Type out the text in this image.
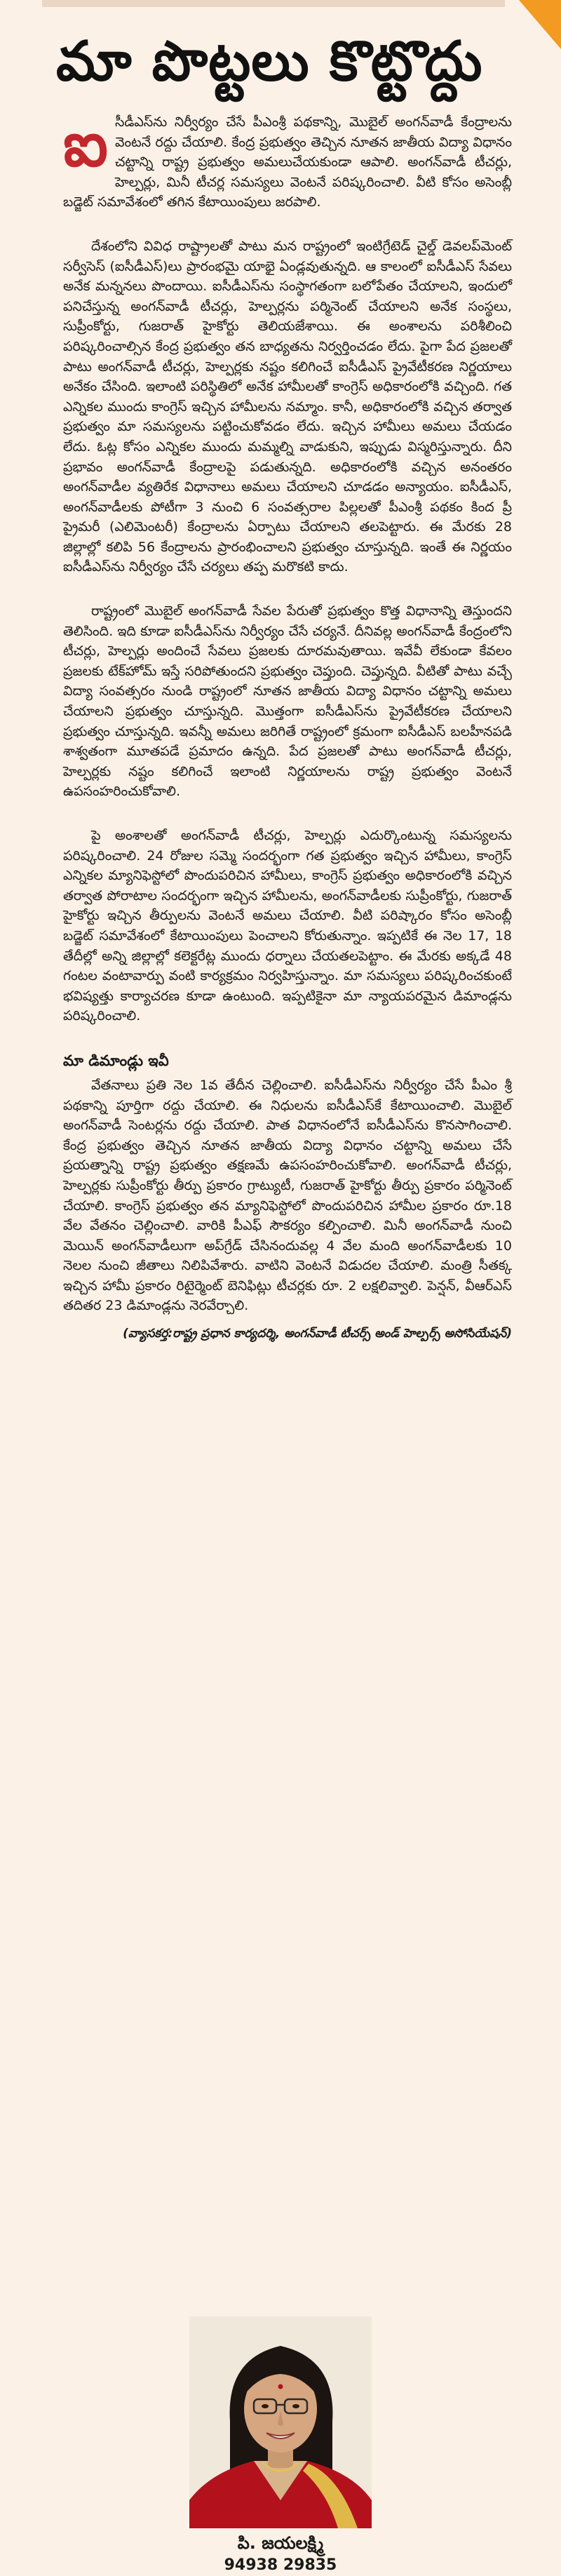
మా పొట్టలు కొట్టొద్దు

ఐసీడీఎస్‌ను నిర్వీర్యం చేసే పీఎంశ్రీ పథకాన్ని, మొబైల్‌ అంగన్‌వాడీ కేంద్రాలను వెంటనే రద్దు చేయాలి. కేంద్ర ప్రభుత్వం తెచ్చిన నూతన జాతీయ విద్యా విధానం చట్టాన్ని రాష్ట్ర ప్రభుత్వం అమలుచేయకుండా ఆపాలి. అంగన్‌వాడీ టీచర్లు, హెల్పర్లు, మినీ టీచర్ల సమస్యలు వెంటనే పరిష్కరించాలి. వీటి కోసం అసెంబ్లీ బడ్జెట్‌ సమావేశంలో తగిన కేటాయింపులు జరపాలి.

దేశంలోని వివిధ రాష్ట్రాలతో పాటు మన రాష్ట్రంలో ఇంటిగ్రేటెడ్‌ చైల్డ్‌ డెవలప్‌మెంట్‌ సర్వీసెస్‌ (ఐసీడీఎస్‌)లు ప్రారంభమై యాభై ఏండ్లవుతున్నది. ఆ కాలంలో ఐసీడీఎస్‌ సేవలు అనేక మన్ననలు పొందాయి. ఐసీడీఎస్‌ను సంస్థాగతంగా బలోపేతం చేయాలని, ఇందులో పనిచేస్తున్న అంగన్‌వాడీ టీచర్లు, హెల్పర్లను పర్మినెంట్‌ చేయాలని అనేక సంస్థలు, సుప్రీంకోర్టు, గుజరాత్‌ హైకోర్టు తెలియజేశాయి. ఈ అంశాలను పరిశీలించి పరిష్కరించాల్సిన కేంద్ర ప్రభుత్వం తన బాధ్యతను నిర్వర్తించడం లేదు. పైగా పేద ప్రజలతో పాటు అంగన్‌వాడీ టీచర్లు, హెల్పర్లకు నష్టం కలిగించే ఐసీడీఎస్‌ ప్రైవేటీకరణ నిర్ణయాలు అనేకం చేసింది. ఇలాంటి పరిస్థితిలో అనేక హామీలతో కాంగ్రెస్‌ అధికారంలోకి వచ్చింది. గత ఎన్నికల ముందు కాంగ్రెస్‌ ఇచ్చిన హామీలను నమ్మాం. కానీ, అధికారంలోకి వచ్చిన తర్వాత ప్రభుత్వం మా సమస్యలను పట్టించుకోవడం లేదు. ఇచ్చిన హామీలు అమలు చేయడం లేదు. ఓట్ల కోసం ఎన్నికల ముందు మమ్మల్ని వాడుకుని, ఇప్పుడు విస్మరిస్తున్నారు. దీని ప్రభావం అంగన్‌వాడీ కేంద్రాలపై పడుతున్నది. అధికారంలోకి వచ్చిన అనంతరం అంగన్‌వాడీల వ్యతిరేక విధానాలు అమలు చేయాలని చూడడం అన్యాయం. ఐసీడీఎస్‌, అంగన్‌వాడీలకు పోటీగా 3 నుంచి 6 సంవత్సరాల పిల్లలతో పీఎంశ్రీ పథకం కింద ప్రీ ప్రైమరీ (ఎలిమెంటరీ) కేంద్రాలను ఏర్పాటు చేయాలని తలపెట్టారు. ఈ మేరకు 28 జిల్లాల్లో కలిపి 56 కేంద్రాలను ప్రారంభించాలని ప్రభుత్వం చూస్తున్నది. ఇంతే ఈ నిర్ణయం ఐసీడీఎస్‌ను నిర్వీర్యం చేసే చర్యలు తప్ప మరొకటి కాదు.

రాష్ట్రంలో మొబైల్‌ అంగన్‌వాడీ సేవల పేరుతో ప్రభుత్వం కొత్త విధానాన్ని తెస్తుందని తెలిసింది. ఇది కూడా ఐసీడీఎస్‌ను నిర్వీర్యం చేసే చర్యనే. దీనివల్ల అంగన్‌వాడీ కేంద్రంలోని టీచర్లు, హెల్పర్లు అందించే సేవలు ప్రజలకు దూరమవుతాయి. ఇవేవీ లేకుండా కేవలం ప్రజలకు టేక్‌హోమ్‌ ఇస్తే సరిపోతుందని ప్రభుత్వం చెప్తుంది. చెప్తున్నది. వీటితో పాటు వచ్చే విద్యా సంవత్సరం నుండి రాష్ట్రంలో నూతన జాతీయ విద్యా విధానం చట్టాన్ని అమలు చేయాలని ప్రభుత్వం చూస్తున్నది. మొత్తంగా ఐసీడీఎస్‌ను ప్రైవేటీకరణ చేయాలని ప్రభుత్వం చూస్తున్నది. ఇవన్నీ అమలు జరిగితే రాష్ట్రంలో క్రమంగా ఐసీడీఎస్‌ బలహీనపడి శాశ్వతంగా మూతపడే ప్రమాదం ఉన్నది. పేద ప్రజలతో పాటు అంగన్‌వాడీ టీచర్లు, హెల్పర్లకు నష్టం కలిగించే ఇలాంటి నిర్ణయాలను రాష్ట్ర ప్రభుత్వం వెంటనే ఉపసంహరించుకోవాలి.

పై అంశాలతో అంగన్‌వాడీ టీచర్లు, హెల్పర్లు ఎదుర్కొంటున్న సమస్యలను పరిష్కరించాలి. 24 రోజుల సమ్మె సందర్భంగా గత ప్రభుత్వం ఇచ్చిన హామీలు, కాంగ్రెస్‌ ఎన్నికల మ్యానిఫెస్టోలో పొందుపరిచిన హామీలు, కాంగ్రెస్‌ ప్రభుత్వం అధికారంలోకి వచ్చిన తర్వాత పోరాటాల సందర్భంగా ఇచ్చిన హామీలను, అంగన్‌వాడీలకు సుప్రీంకోర్టు, గుజరాత్‌ హైకోర్టు ఇచ్చిన తీర్పులను వెంటనే అమలు చేయాలి. వీటి పరిష్కారం కోసం అసెంబ్లీ బడ్జెట్‌ సమావేశంలో కేటాయింపులు పెంచాలని కోరుతున్నాం. ఇప్పటికే ఈ నెల 17, 18 తేదీల్లో అన్ని జిల్లాల్లో కలెక్టరేట్ల ముందు ధర్నాలు చేయతలపెట్టాం. ఈ మేరకు అక్కడే 48 గంటల వంటావార్పు వంటి కార్యక్రమం నిర్వహిస్తున్నాం. మా సమస్యలు పరిష్కరించకుంటే భవిష్యత్తు కార్యాచరణ కూడా ఉంటుంది. ఇప్పటికైనా మా న్యాయపరమైన డిమాండ్లను పరిష్కరించాలి.

మా డిమాండ్లు ఇవీ

వేతనాలు ప్రతి నెల 1వ తేదీన చెల్లించాలి. ఐసీడీఎస్‌ను నిర్వీర్యం చేసే పీఎం శ్రీ పథకాన్ని పూర్తిగా రద్దు చేయాలి. ఈ నిధులను ఐసీడీఎస్‌కే కేటాయించాలి. మొబైల్‌ అంగన్‌వాడీ సెంటర్లను రద్దు చేయాలి. పాత విధానంలోనే ఐసీడీఎస్‌ను కొనసాగించాలి. కేంద్ర ప్రభుత్వం తెచ్చిన నూతన జాతీయ విద్యా విధానం చట్టాన్ని అమలు చేసే ప్రయత్నాన్ని రాష్ట్ర ప్రభుత్వం తక్షణమే ఉపసంహరించుకోవాలి. అంగన్‌వాడీ టీచర్లు, హెల్పర్లకు సుప్రీంకోర్టు తీర్పు ప్రకారం గ్రాట్యుటీ, గుజరాత్‌ హైకోర్టు తీర్పు ప్రకారం పర్మినెంట్‌ చేయాలి. కాంగ్రెస్‌ ప్రభుత్వం తన మ్యానిఫెస్టోలో పొందుపరిచిన హామీల ప్రకారం రూ.18 వేల వేతనం చెల్లించాలి. వారికి పీఎఫ్‌ సౌకర్యం కల్పించాలి. మినీ అంగన్‌వాడీ నుంచి మెయిన్‌ అంగన్‌వాడీలుగా అప్‌గ్రేడ్‌ చేసినందువల్ల 4 వేల మంది అంగన్‌వాడీలకు 10 నెలల నుంచి జీతాలు నిలిపివేశారు. వాటిని వెంటనే విడుదల చేయాలి. మంత్రి సీతక్క ఇచ్చిన హామీ ప్రకారం రిటైర్మెంట్‌ బెనిఫిట్లు టీచర్లకు రూ. 2 లక్షలివ్వాలి. పెన్షన్‌, వీఆర్‌ఎస్‌ తదితర 23 డిమాండ్లను నెరవేర్చాలి.

(వ్యాసకర్త:రాష్ట్ర ప్రధాన కార్యదర్శి, అంగన్‌వాడీ టీచర్స్‌ అండ్‌ హెల్పర్స్‌ అసోసియేషన్‌)
పి. జయలక్ష్మి
94938 29835
